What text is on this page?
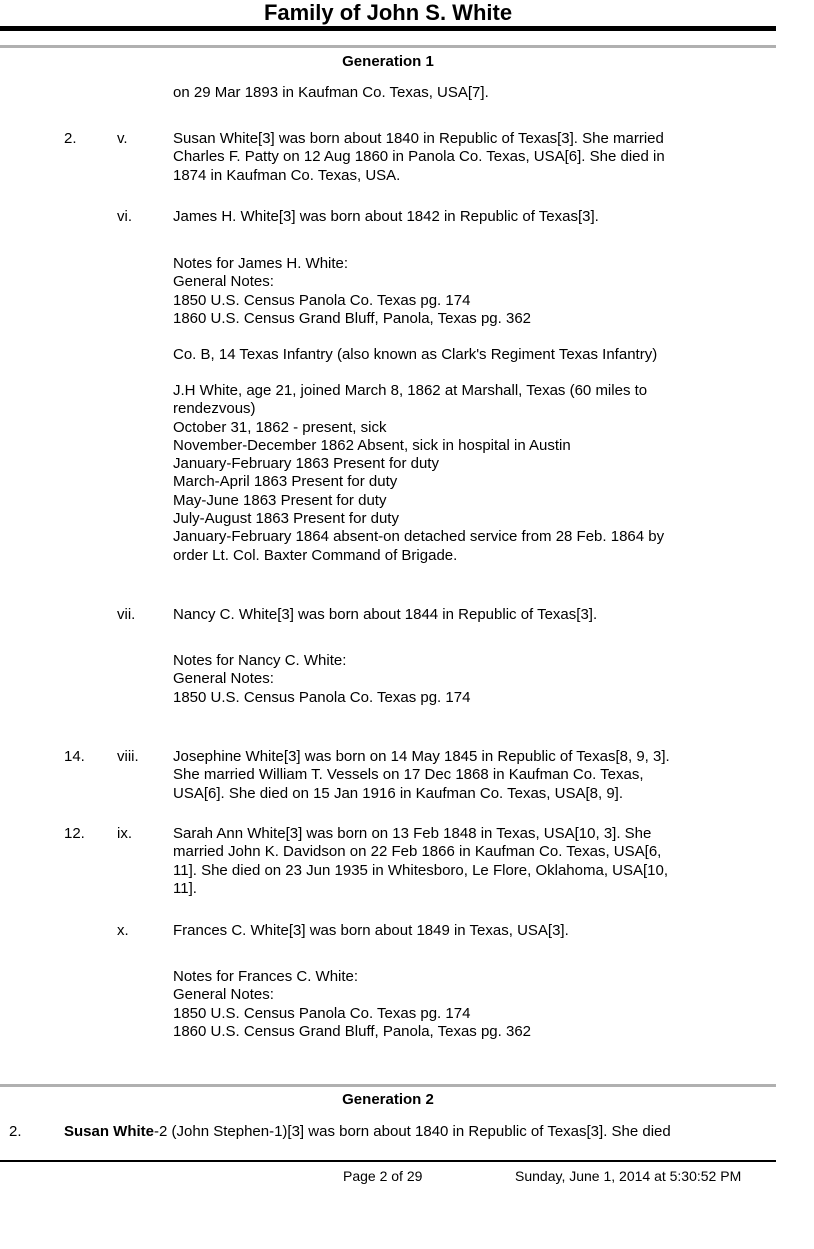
Family of John S. White
Generation 1
on 29 Mar 1893 in Kaufman Co. Texas, USA[7].
2.	v.	Susan White[3] was born about 1840 in Republic of Texas[3]. She married
Charles F. Patty on 12 Aug 1860 in Panola Co. Texas, USA[6]. She died in
1874 in Kaufman Co. Texas, USA.
vi.	James H. White[3] was born about 1842 in Republic of Texas[3].
Notes for James H. White:
General Notes:
1850 U.S. Census Panola Co. Texas pg. 174
1860 U.S. Census Grand Bluff, Panola, Texas pg. 362
Co. B, 14 Texas Infantry (also known as Clark's Regiment Texas Infantry)
J.H White, age 21, joined March 8, 1862 at Marshall, Texas (60 miles to
rendezvous)
October 31, 1862 - present, sick
November-December 1862 Absent, sick in hospital in Austin
January-February 1863 Present for duty
March-April 1863 Present for duty
May-June 1863 Present for duty
July-August 1863 Present for duty
January-February 1864 absent-on detached service from 28 Feb. 1864 by
order Lt. Col. Baxter Command of Brigade.
vii.	Nancy C. White[3] was born about 1844 in Republic of Texas[3].
Notes for Nancy C. White:
General Notes:
1850 U.S. Census Panola Co. Texas pg. 174
14. viii. Josephine White[3] was born on 14 May 1845 in Republic of Texas[8, 9, 3].
She married William T. Vessels on 17 Dec 1868 in Kaufman Co. Texas,
USA[6]. She died on 15 Jan 1916 in Kaufman Co. Texas, USA[8, 9].
12. ix.	Sarah Ann White[3] was born on 13 Feb 1848 in Texas, USA[10, 3]. She
married John K. Davidson on 22 Feb 1866 in Kaufman Co. Texas, USA[6,
11]. She died on 23 Jun 1935 in Whitesboro, Le Flore, Oklahoma, USA[10,
11].
x.	Frances C. White[3] was born about 1849 in Texas, USA[3].
Notes for Frances C. White:
General Notes:
1850 U.S. Census Panola Co. Texas pg. 174
1860 U.S. Census Grand Bluff, Panola, Texas pg. 362
Generation 2
2.	Susan White-2 (John Stephen-1)[3] was born about 1840 in Republic of Texas[3]. She died
Page 2 of 29	Sunday, June 1, 2014 at 5:30:52 PM
